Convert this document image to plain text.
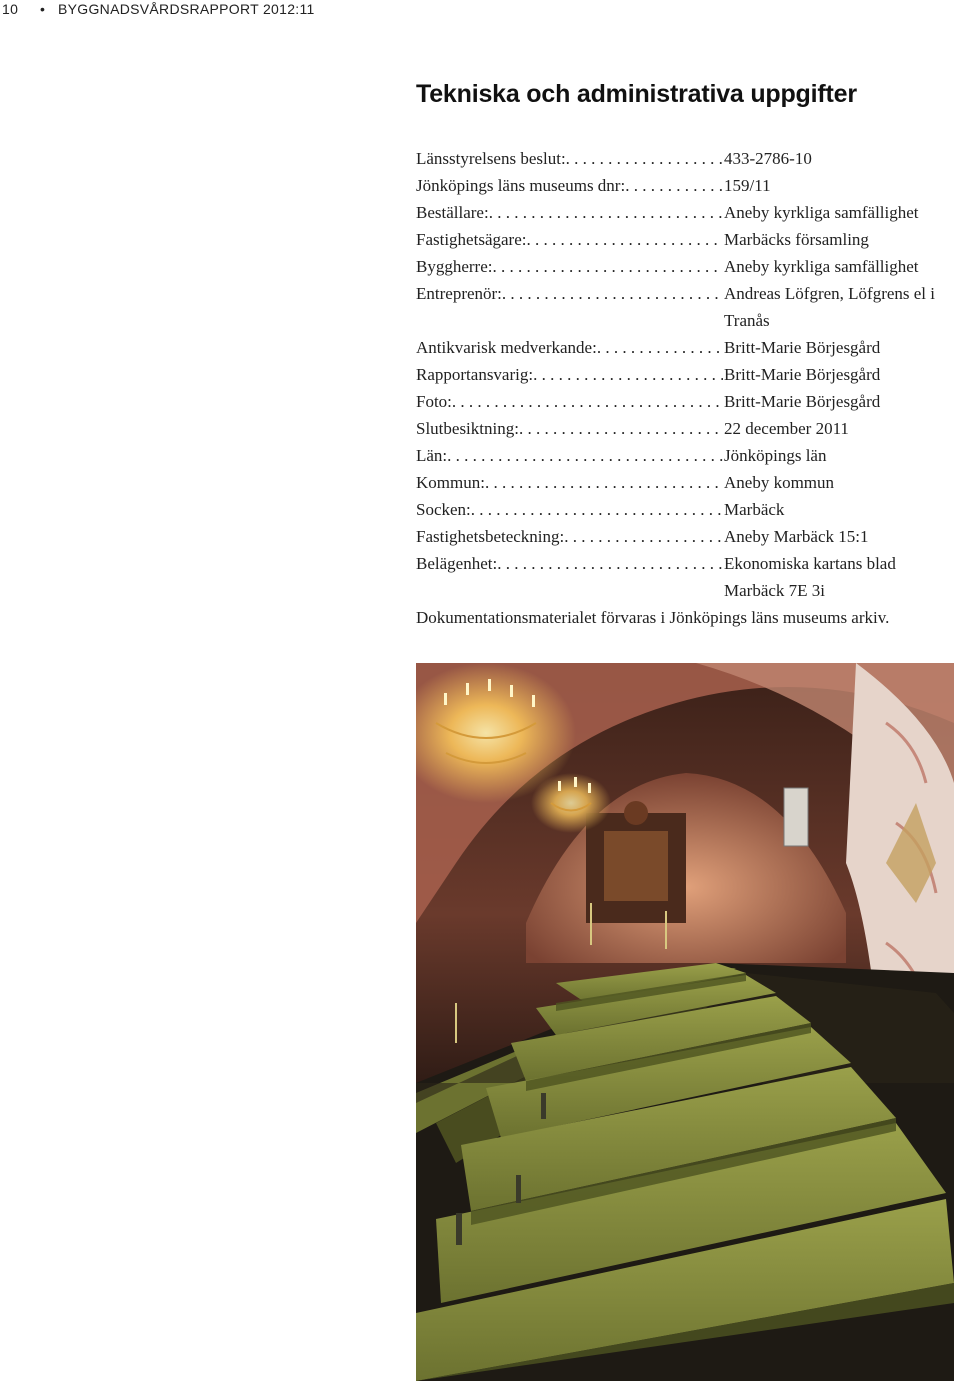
10 • BYGGNADSVÅRDSRAPPORT 2012:11
Tekniska och administrativa uppgifter
Länsstyrelsens beslut: . . .	433-2786-10
Jönköpings läns museums dnr: . . .	159/11
Beställare: . . .	Aneby kyrkliga samfällighet
Fastighetsägare: . . .	Marbäcks församling
Byggherre: . . .	Aneby kyrkliga samfällighet
Entreprenör: . . .	Andreas Löfgren, Löfgrens el i Tranås
Antikvarisk medverkande: . . .	Britt-Marie Börjesgård
Rapportansvarig: . . .	Britt-Marie Börjesgård
Foto: . . .	Britt-Marie Börjesgård
Slutbesiktning: . . .	22 december 2011
Län: . . .	Jönköpings län
Kommun: . . .	Aneby kommun
Socken: . . .	Marbäck
Fastighetsbeteckning: . . .	Aneby Marbäck 15:1
Belägenhet: . . .	Ekonomiska kartans blad Marbäck 7E 3i
Dokumentationsmaterialet förvaras i Jönköpings läns museums arkiv.
